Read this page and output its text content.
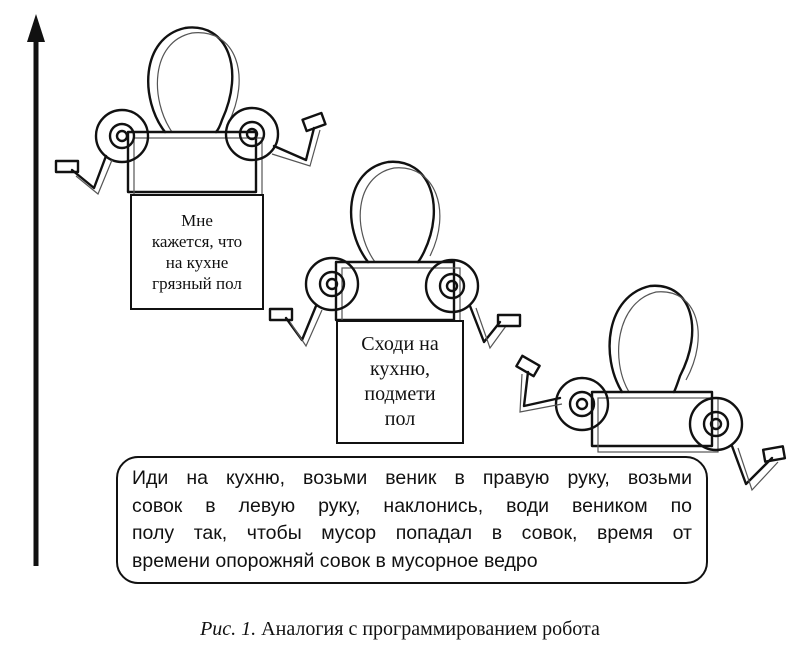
Мне
кажется, что
на кухне
грязный пол
Сходи на
кухню,
подмети
пол
Иди на кухню, возьми веник в правую руку, возьми
совок в левую руку, наклонись, води веником по
полу так, чтобы мусор попадал в совок, время от
времени опорожняй совок в мусорное ведро
Рис. 1. Аналогия с программированием робота
